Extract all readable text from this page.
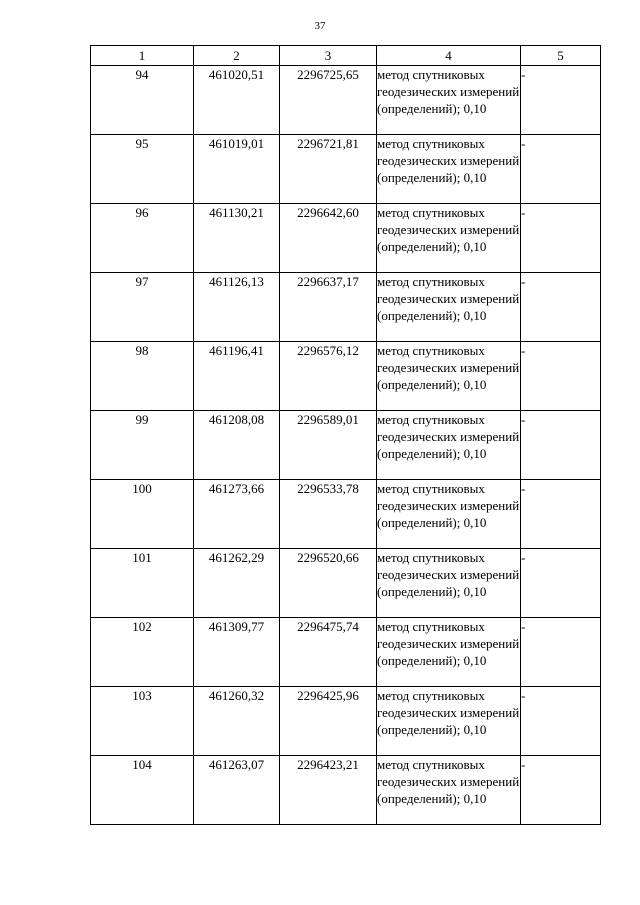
37
1	2	3	4	5
94	461020,51	2296725,65	метод спутниковых геодезических измерений (определений); 0,10	-
95	461019,01	2296721,81	метод спутниковых геодезических измерений (определений); 0,10	-
96	461130,21	2296642,60	метод спутниковых геодезических измерений (определений); 0,10	-
97	461126,13	2296637,17	метод спутниковых геодезических измерений (определений); 0,10	-
98	461196,41	2296576,12	метод спутниковых геодезических измерений (определений); 0,10	-
99	461208,08	2296589,01	метод спутниковых геодезических измерений (определений); 0,10	-
100	461273,66	2296533,78	метод спутниковых геодезических измерений (определений); 0,10	-
101	461262,29	2296520,66	метод спутниковых геодезических измерений (определений); 0,10	-
102	461309,77	2296475,74	метод спутниковых геодезических измерений (определений); 0,10	-
103	461260,32	2296425,96	метод спутниковых геодезических измерений (определений); 0,10	-
104	461263,07	2296423,21	метод спутниковых геодезических измерений (определений); 0,10	-
